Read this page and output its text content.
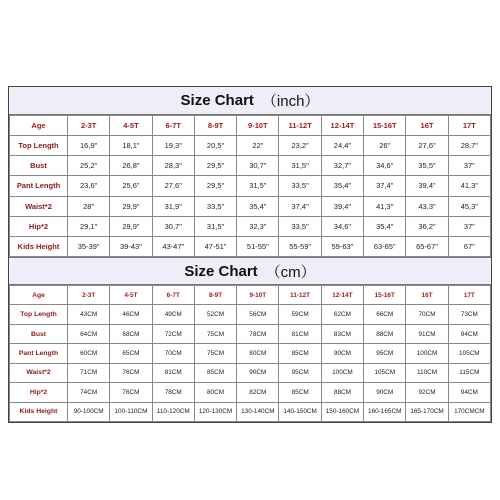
Size Chart （inch）
Age	2-3T	4-5T	6-7T	8-9T	9-10T	11-12T	12-14T	15-16T	16T	17T
Top Length	16,9"	18,1"	19,3"	20,5"	22"	23,2"	24,4"	26"	27,6"	28,7"
Bust	25,2"	26,8"	28,3"	29,5"	30,7"	31,5"	32,7"	34,6"	35,5"	37"
Pant Length	23,6"	25,6"	27,6"	29,5"	31,5"	33,5"	35,4"	37,4"	39,4"	41,3"
Waist*2	28"	29,9"	31,9"	33,5"	35,4"	37,4"	39,4"	41,3"	43,3"	45,3"
Hip*2	29,1"	29,9"	30,7"	31,5"	32,3"	33,5"	34,6"	35,4"	36,2"	37"
Kids Height	35-39"	39-43"	43-47"	47-51"	51-55"	55-59"	59-63"	63-65"	65-67"	67"
Size Chart （cm）
Age	2-3T	4-5T	6-7T	8-9T	9-10T	11-12T	12-14T	15-16T	16T	17T
Top Length	43CM	46CM	49CM	52CM	56CM	59CM	62CM	66CM	70CM	73CM
Bust	64CM	68CM	72CM	75CM	78CM	81CM	83CM	88CM	91CM	94CM
Pant Length	60CM	65CM	70CM	75CM	80CM	85CM	90CM	95CM	100CM	105CM
Waist*2	71CM	76CM	81CM	85CM	90CM	95CM	100CM	105CM	110CM	115CM
Hip*2	74CM	76CM	78CM	80CM	82CM	85CM	88CM	90CM	92CM	94CM
Kids Height	90-100CM	100-110CM	110-120CM	120-130CM	130-140CM	140-150CM	150-160CM	160-165CM	165-170CM	170CMCM
